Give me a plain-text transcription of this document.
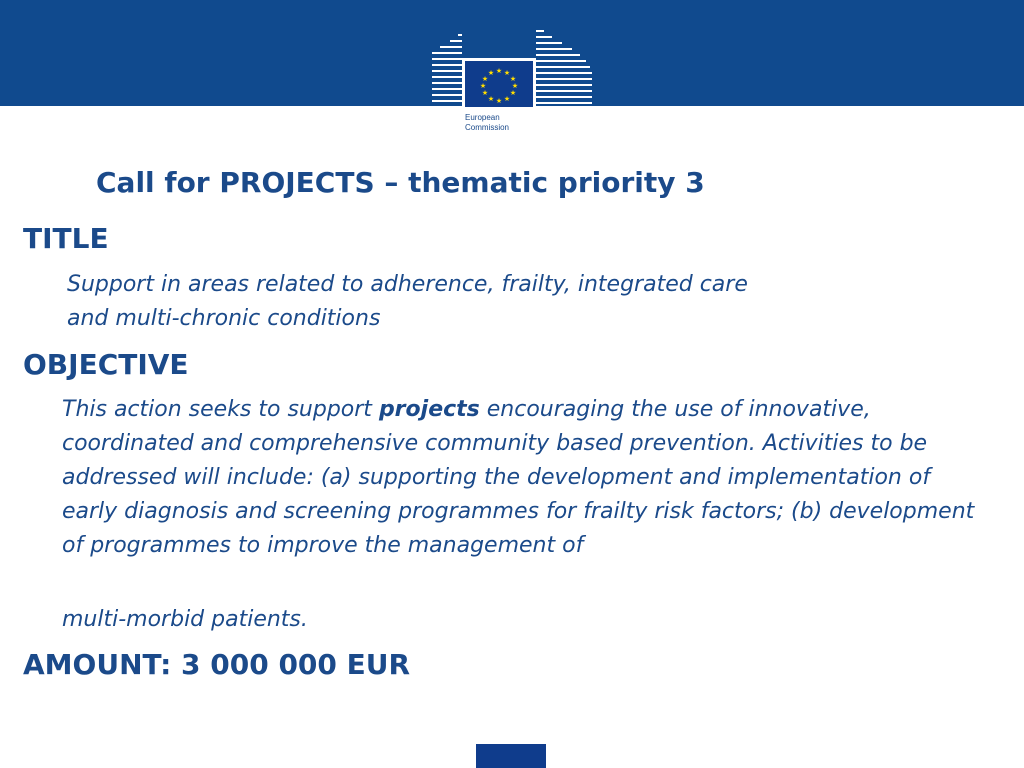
★ ★
★
★
★
★
★
★
★
★
★
★
European
Commission
Call for PROJECTS – thematic priority 3
TITLE

Support in areas related to adherence, frailty, integrated care
and multi-chronic conditions

OBJECTIVE

This action seeks to support projects encouraging the use of innovative, coordinated and comprehensive community based prevention. Activities to be addressed will include: (a) supporting the development and implementation of early diagnosis and screening programmes for frailty risk factors; (b) development of programmes to improve the management of

multi-morbid patients.

AMOUNT: 3 000 000 EUR
